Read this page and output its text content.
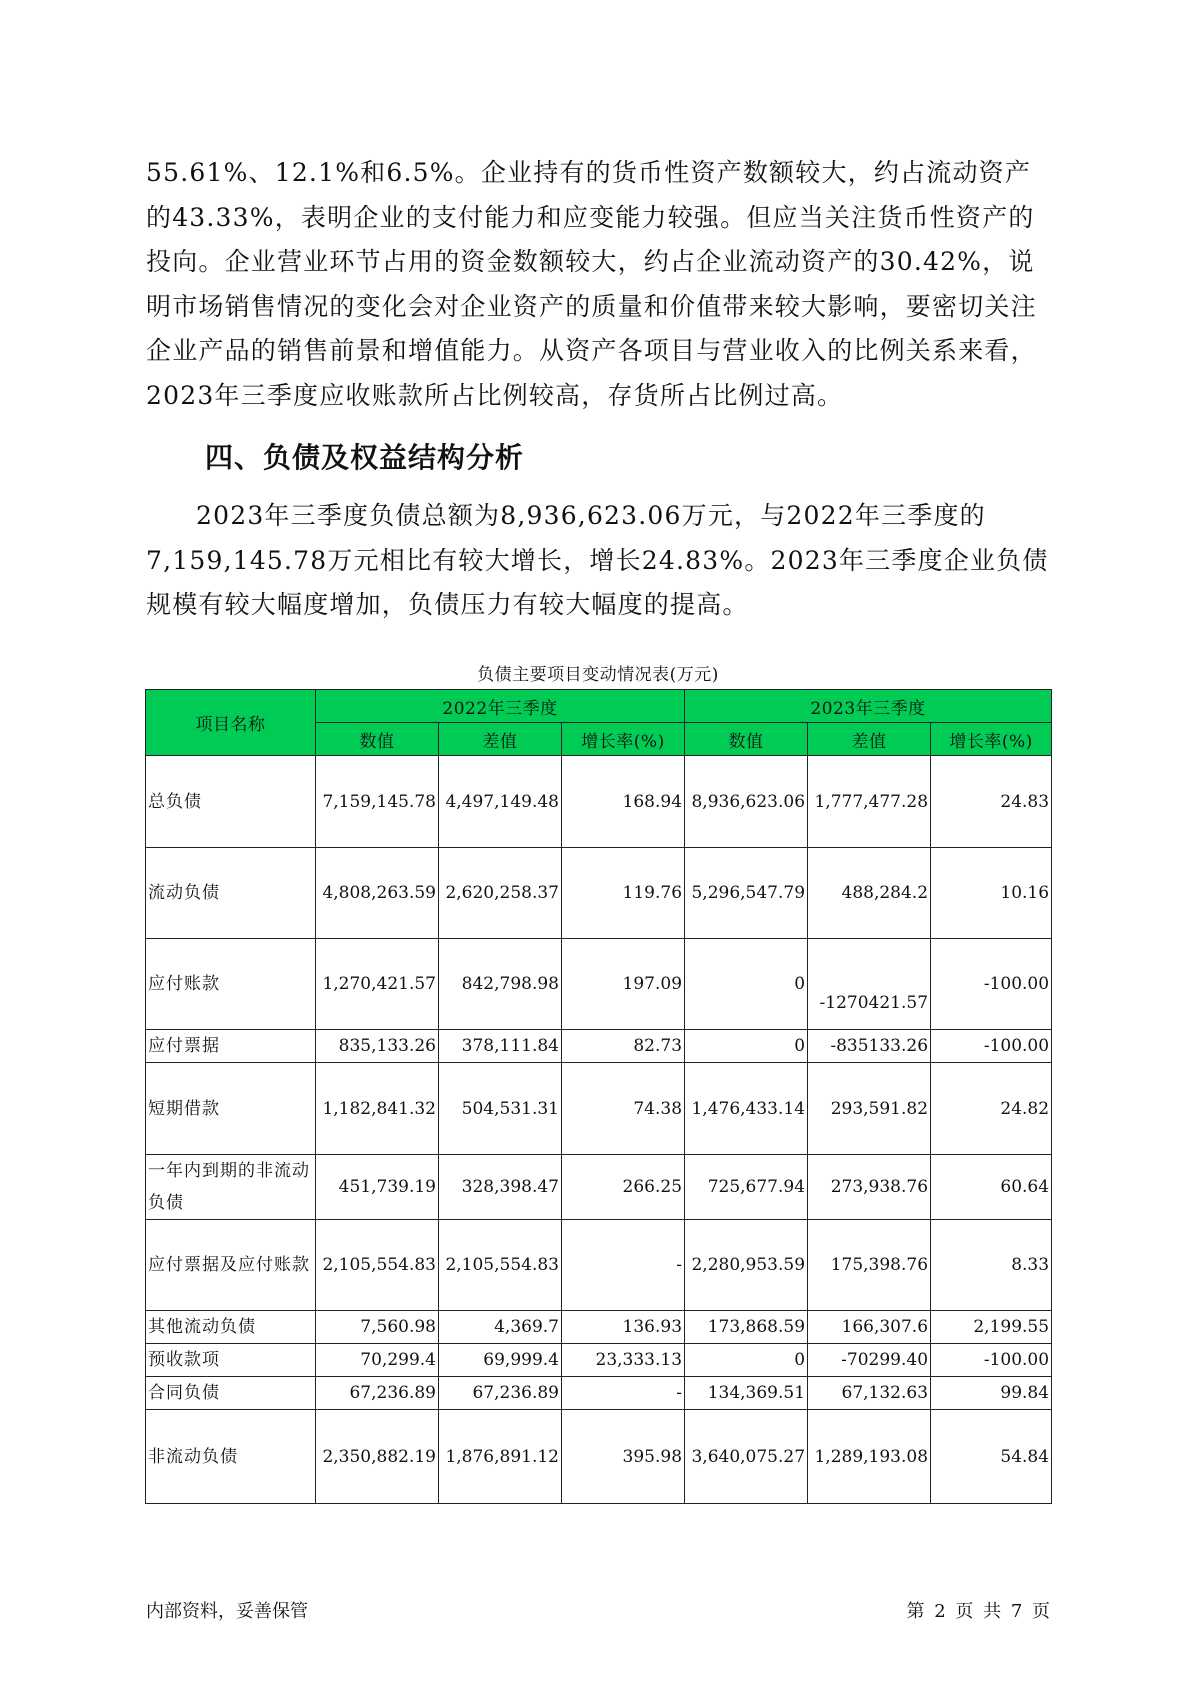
55.61%、12.1%和6.5%。企业持有的货币性资产数额较大，约占流动资产的43.33%，表明企业的支付能力和应变能力较强。但应当关注货币性资产的投向。企业营业环节占用的资金数额较大，约占企业流动资产的30.42%，说明市场销售情况的变化会对企业资产的质量和价值带来较大影响，要密切关注企业产品的销售前景和增值能力。从资产各项目与营业收入的比例关系来看，2023年三季度应收账款所占比例较高，存货所占比例过高。

四、负债及权益结构分析

2023年三季度负债总额为8,936,623.06万元，与2022年三季度的7,159,145.78万元相比有较大增长，增长24.83%。2023年三季度企业负债规模有较大幅度增加，负债压力有较大幅度的提高。

负债主要项目变动情况表(万元)
项目名称	2022年三季度			2023年三季度		
	数值	差值	增长率(%)	数值	差值	增长率(%)
总负债	7,159,145.78	4,497,149.48	168.94	8,936,623.06	1,777,477.28	24.83
流动负债	4,808,263.59	2,620,258.37	119.76	5,296,547.79	488,284.2	10.16
应付账款	1,270,421.57	842,798.98	197.09	0	-1270421.57	-100.00
应付票据	835,133.26	378,111.84	82.73	0	-835133.26	-100.00
短期借款	1,182,841.32	504,531.31	74.38	1,476,433.14	293,591.82	24.82
一年内到期的非流动负债	451,739.19	328,398.47	266.25	725,677.94	273,938.76	60.64
应付票据及应付账款	2,105,554.83	2,105,554.83	-	2,280,953.59	175,398.76	8.33
其他流动负债	7,560.98	4,369.7	136.93	173,868.59	166,307.6	2,199.55
预收款项	70,299.4	69,999.4	23,333.13	0	-70299.40	-100.00
合同负债	67,236.89	67,236.89	-	134,369.51	67,132.63	99.84
非流动负债	2,350,882.19	1,876,891.12	395.98	3,640,075.27	1,289,193.08	54.84
内部资料，妥善保管	第 2 页 共 7 页
